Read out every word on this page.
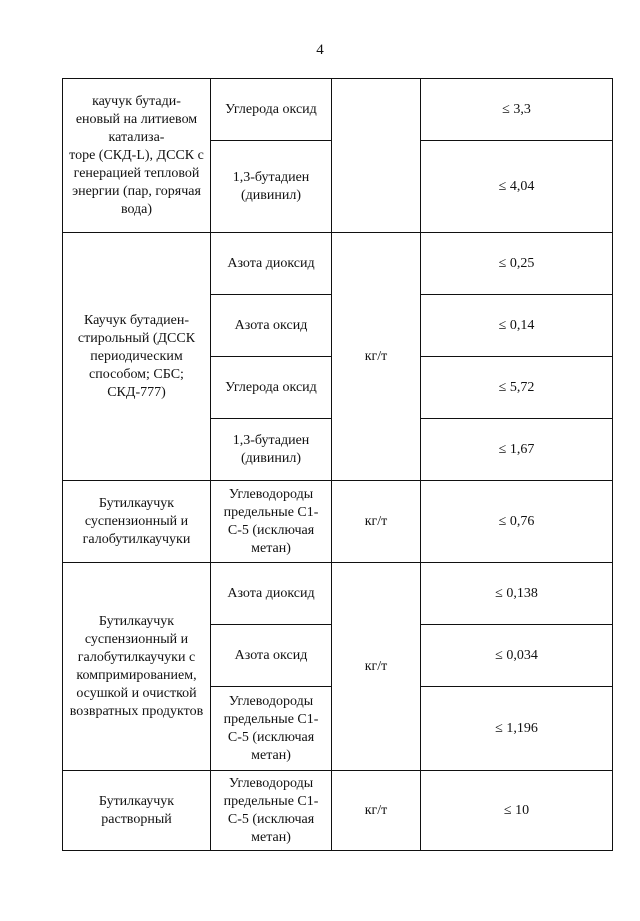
4
каучук бутади-
еновый на литиевом катализа-
торе (СКД-L), ДССК с генерацией тепловой энергии (пар, горячая вода)	Углерода оксид		≤ 3,3
	1,3-бутадиен (дивинил)		≤ 4,04
Каучук бутадиен-
стирольный (ДССК периодическим способом; СБС; СКД-777)	Азота диоксид	кг/т	≤ 0,25
	Азота оксид		≤ 0,14
	Углерода оксид		≤ 5,72
	1,3-бутадиен (дивинил)		≤ 1,67
Бутилкаучук суспензионный и галобутилкаучуки	Углеводороды предельные С1-С-5 (исключая метан)	кг/т	≤ 0,76
Бутилкаучук суспензионный и галобутилкаучуки с компримированием, осушкой и очисткой возвратных продуктов	Азота диоксид	кг/т	≤ 0,138
	Азота оксид		≤ 0,034
	Углеводороды предельные С1-С-5 (исключая метан)		≤ 1,196
Бутилкаучук растворный	Углеводороды предельные С1-С-5 (исключая метан)	кг/т	≤ 10
